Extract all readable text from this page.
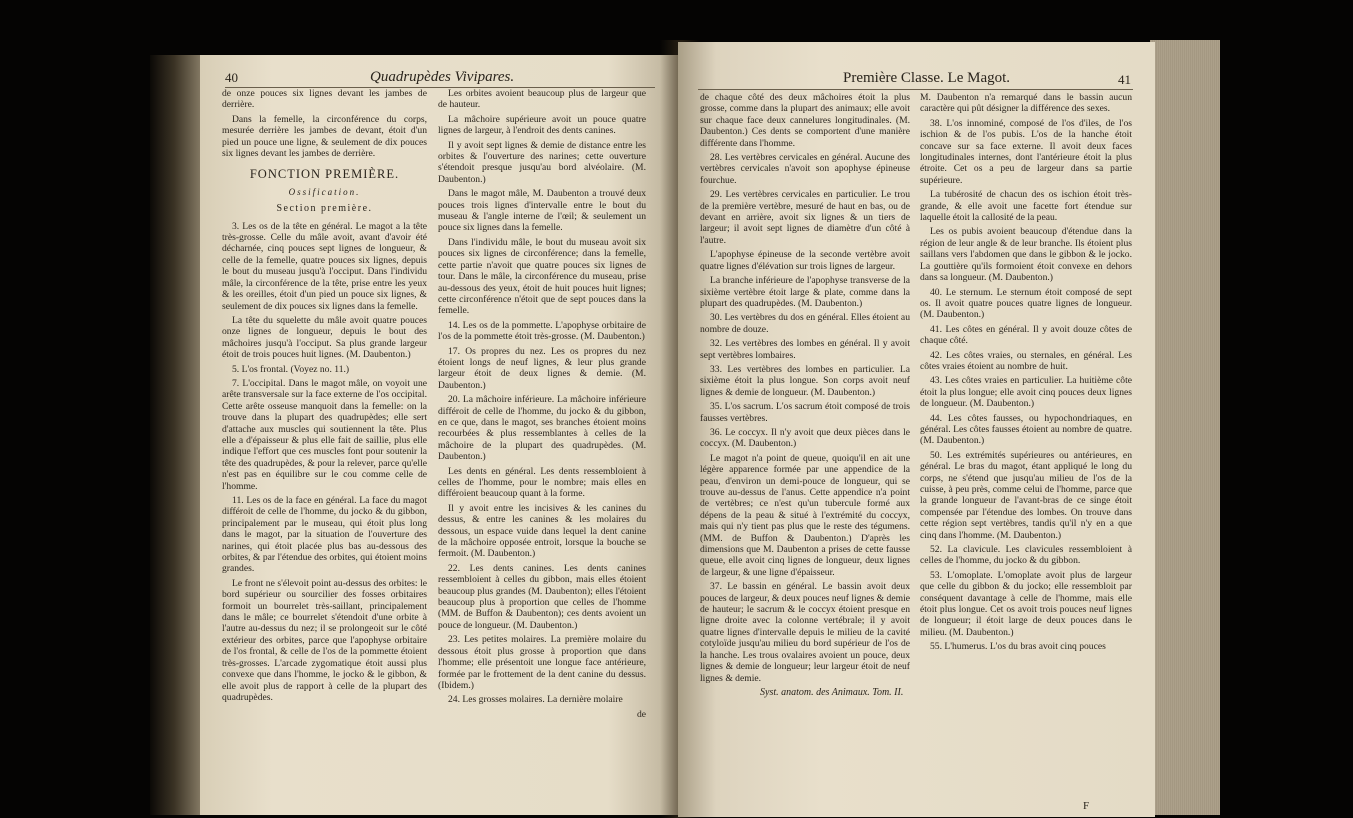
40	Quadrupèdes Vivipares.

de onze pouces six lignes devant les jambes de derrière.

Dans la femelle, la circonférence du corps, mesurée derrière les jambes de devant, étoit d'un pied un pouce une ligne, & seulement de dix pouces six lignes devant les jambes de derrière.

FONCTION PREMIÈRE.

Ossification.

Section première.

3. Les os de la tête en général. Le magot a la tête très-grosse. Celle du mâle avoit, avant d'avoir été décharnée, cinq pouces sept lignes de longueur, & celle de la femelle, quatre pouces six lignes, depuis le bout du museau jusqu'à l'occiput. Dans l'individu mâle, la circonférence de la tête, prise entre les yeux & les oreilles, étoit d'un pied un pouce six lignes, & seulement de dix pouces six lignes dans la femelle.

La tête du squelette du mâle avoit quatre pouces onze lignes de longueur, depuis le bout des mâchoires jusqu'à l'occiput. Sa plus grande largeur étoit de trois pouces huit lignes. (M. Daubenton.)

5. L'os frontal. (Voyez no. 11.)

7. L'occipital. Dans le magot mâle, on voyoit une arête transversale sur la face externe de l'os occipital. Cette arête osseuse manquoit dans la femelle: on la trouve dans la plupart des quadrupèdes; elle sert d'attache aux muscles qui soutiennent la tête. Plus elle a d'épaisseur & plus elle fait de saillie, plus elle indique l'effort que ces muscles font pour soutenir la tête des quadrupèdes, & pour la relever, parce qu'elle n'est pas en équilibre sur le cou comme celle de l'homme.

11. Les os de la face en général. La face du magot différoit de celle de l'homme, du jocko & du gibbon, principalement par le museau, qui étoit plus long dans le magot, par la situation de l'ouverture des narines, qui étoit placée plus bas au-dessous des orbites, & par l'étendue des orbites, qui étoient moins grandes.

Le front ne s'élevoit point au-dessus des orbites: le bord supérieur ou sourcilier des fosses orbitaires formoit un bourrelet très-saillant, principalement dans le mâle; ce bourrelet s'étendoit d'une orbite à l'autre au-dessus du nez; il se prolongeoit sur le côté extérieur des orbites, parce que l'apophyse orbitaire de l'os frontal, & celle de l'os de la pommette étoient très-grosses. L'arcade zygomatique étoit aussi plus convexe que dans l'homme, le jocko & le gibbon, & elle avoit plus de rapport à celle de la plupart des quadrupèdes.

Les orbites avoient beaucoup plus de largeur que de hauteur.

La mâchoire supérieure avoit un pouce quatre lignes de largeur, à l'endroit des dents canines.

Il y avoit sept lignes & demie de distance entre les orbites & l'ouverture des narines; cette ouverture s'étendoit presque jusqu'au bord alvéolaire. (M. Daubenton.)

Dans le magot mâle, M. Daubenton a trouvé deux pouces trois lignes d'intervalle entre le bout du museau & l'angle interne de l'œil; & seulement un pouce six lignes dans la femelle.

Dans l'individu mâle, le bout du museau avoit six pouces six lignes de circonférence; dans la femelle, cette partie n'avoit que quatre pouces six lignes de tour. Dans le mâle, la circonférence du museau, prise au-dessous des yeux, étoit de huit pouces huit lignes; cette circonférence n'étoit que de sept pouces dans la femelle.

14. Les os de la pommette. L'apophyse orbitaire de l'os de la pommette étoit très-grosse. (M. Daubenton.)

17. Os propres du nez. Les os propres du nez étoient longs de neuf lignes, & leur plus grande largeur étoit de deux lignes & demie. (M. Daubenton.)

20. La mâchoire inférieure. La mâchoire inférieure différoit de celle de l'homme, du jocko & du gibbon, en ce que, dans le magot, ses branches étoient moins recourbées & plus ressemblantes à celles de la mâchoire de la plupart des quadrupèdes. (M. Daubenton.)

Les dents en général. Les dents ressembloient à celles de l'homme, pour le nombre; mais elles en différoient beaucoup quant à la forme.

Il y avoit entre les incisives & les canines du dessus, & entre les canines & les molaires du dessous, un espace vuide dans lequel la dent canine de la mâchoire opposée entroit, lorsque la bouche se fermoit. (M. Daubenton.)

22. Les dents canines. Les dents canines ressembloient à celles du gibbon, mais elles étoient beaucoup plus grandes (M. Daubenton); elles l'étoient beaucoup plus à proportion que celles de l'homme (MM. de Buffon & Daubenton); ces dents avoient un pouce de longueur. (M. Daubenton.)

23. Les petites molaires. La première molaire du dessous étoit plus grosse à proportion que dans l'homme; elle présentoit une longue face antérieure, formée par le frottement de la dent canine du dessus. (Ibidem.)

24. Les grosses molaires. La dernière molaire

de

Première Classe. Le Magot.	41

de chaque côté des deux mâchoires étoit la plus grosse, comme dans la plupart des animaux; elle avoit sur chaque face deux cannelures longitudinales. (M. Daubenton.) Ces dents se comportent d'une manière différente dans l'homme.

28. Les vertèbres cervicales en général. Aucune des vertèbres cervicales n'avoit son apophyse épineuse fourchue.

29. Les vertèbres cervicales en particulier. Le trou de la première vertèbre, mesuré de haut en bas, ou de devant en arrière, avoit six lignes & un tiers de largeur; il avoit sept lignes de diamètre d'un côté à l'autre.

L'apophyse épineuse de la seconde vertèbre avoit quatre lignes d'élévation sur trois lignes de largeur.

La branche inférieure de l'apophyse transverse de la sixième vertèbre étoit large & plate, comme dans la plupart des quadrupèdes. (M. Daubenton.)

30. Les vertèbres du dos en général. Elles étoient au nombre de douze.

32. Les vertèbres des lombes en général. Il y avoit sept vertèbres lombaires.

33. Les vertèbres des lombes en particulier. La sixième étoit la plus longue. Son corps avoit neuf lignes & demie de longueur. (M. Daubenton.)

35. L'os sacrum. L'os sacrum étoit composé de trois fausses vertèbres.

36. Le coccyx. Il n'y avoit que deux pièces dans le coccyx. (M. Daubenton.)

Le magot n'a point de queue, quoiqu'il en ait une légère apparence formée par une appendice de la peau, d'environ un demi-pouce de longueur, qui se trouve au-dessus de l'anus. Cette appendice n'a point de vertèbres; ce n'est qu'un tubercule formé aux dépens de la peau & situé à l'extrémité du coccyx, mais qui n'y tient pas plus que le reste des tégumens. (MM. de Buffon & Daubenton.) D'après les dimensions que M. Daubenton a prises de cette fausse queue, elle avoit cinq lignes de longueur, deux lignes de largeur, & une ligne d'épaisseur.

37. Le bassin en général. Le bassin avoit deux pouces de largeur, & deux pouces neuf lignes & demie de hauteur; le sacrum & le coccyx étoient presque en ligne droite avec la colonne vertébrale; il y avoit quatre lignes d'intervalle depuis le milieu de la cavité cotyloïde jusqu'au milieu du bord supérieur de l'os de la hanche. Les trous ovalaires avoient un pouce, deux lignes & demie de longueur; leur largeur étoit de neuf lignes & demie.

Syst. anatom. des Animaux. Tom. II.

M. Daubenton n'a remarqué dans le bassin aucun caractère qui pût désigner la différence des sexes.

38. L'os innominé, composé de l'os d'iles, de l'os ischion & de l'os pubis. L'os de la hanche étoit concave sur sa face externe. Il avoit deux faces longitudinales internes, dont l'antérieure étoit la plus étroite. Cet os a peu de largeur dans sa partie supérieure.

La tubérosité de chacun des os ischion étoit très-grande, & elle avoit une facette fort étendue sur laquelle étoit la callosité de la peau.

Les os pubis avoient beaucoup d'étendue dans la région de leur angle & de leur branche. Ils étoient plus saillans vers l'abdomen que dans le gibbon & le jocko. La gouttière qu'ils formoient étoit convexe en dehors dans sa longueur. (M. Daubenton.)

40. Le sternum. Le sternum étoit composé de sept os. Il avoit quatre pouces quatre lignes de longueur. (M. Daubenton.)

41. Les côtes en général. Il y avoit douze côtes de chaque côté.

42. Les côtes vraies, ou sternales, en général. Les côtes vraies étoient au nombre de huit.

43. Les côtes vraies en particulier. La huitième côte étoit la plus longue; elle avoit cinq pouces deux lignes de longueur. (M. Daubenton.)

44. Les côtes fausses, ou hypochondriaques, en général. Les côtes fausses étoient au nombre de quatre. (M. Daubenton.)

50. Les extrémités supérieures ou antérieures, en général. Le bras du magot, étant appliqué le long du corps, ne s'étend que jusqu'au milieu de l'os de la cuisse, à peu près, comme celui de l'homme, parce que la grande longueur de l'avant-bras de ce singe étoit compensée par l'étendue des lombes. On trouve dans cette région sept vertèbres, tandis qu'il n'y en a que cinq dans l'homme. (M. Daubenton.)

52. La clavicule. Les clavicules ressembloient à celles de l'homme, du jocko & du gibbon.

53. L'omoplate. L'omoplate avoit plus de largeur que celle du gibbon & du jocko; elle ressembloit par conséquent davantage à celle de l'homme, mais elle étoit plus longue. Cet os avoit trois pouces neuf lignes de longueur; il étoit large de deux pouces dans le milieu. (M. Daubenton.)

55. L'humerus. L'os du bras avoit cinq pouces

F
